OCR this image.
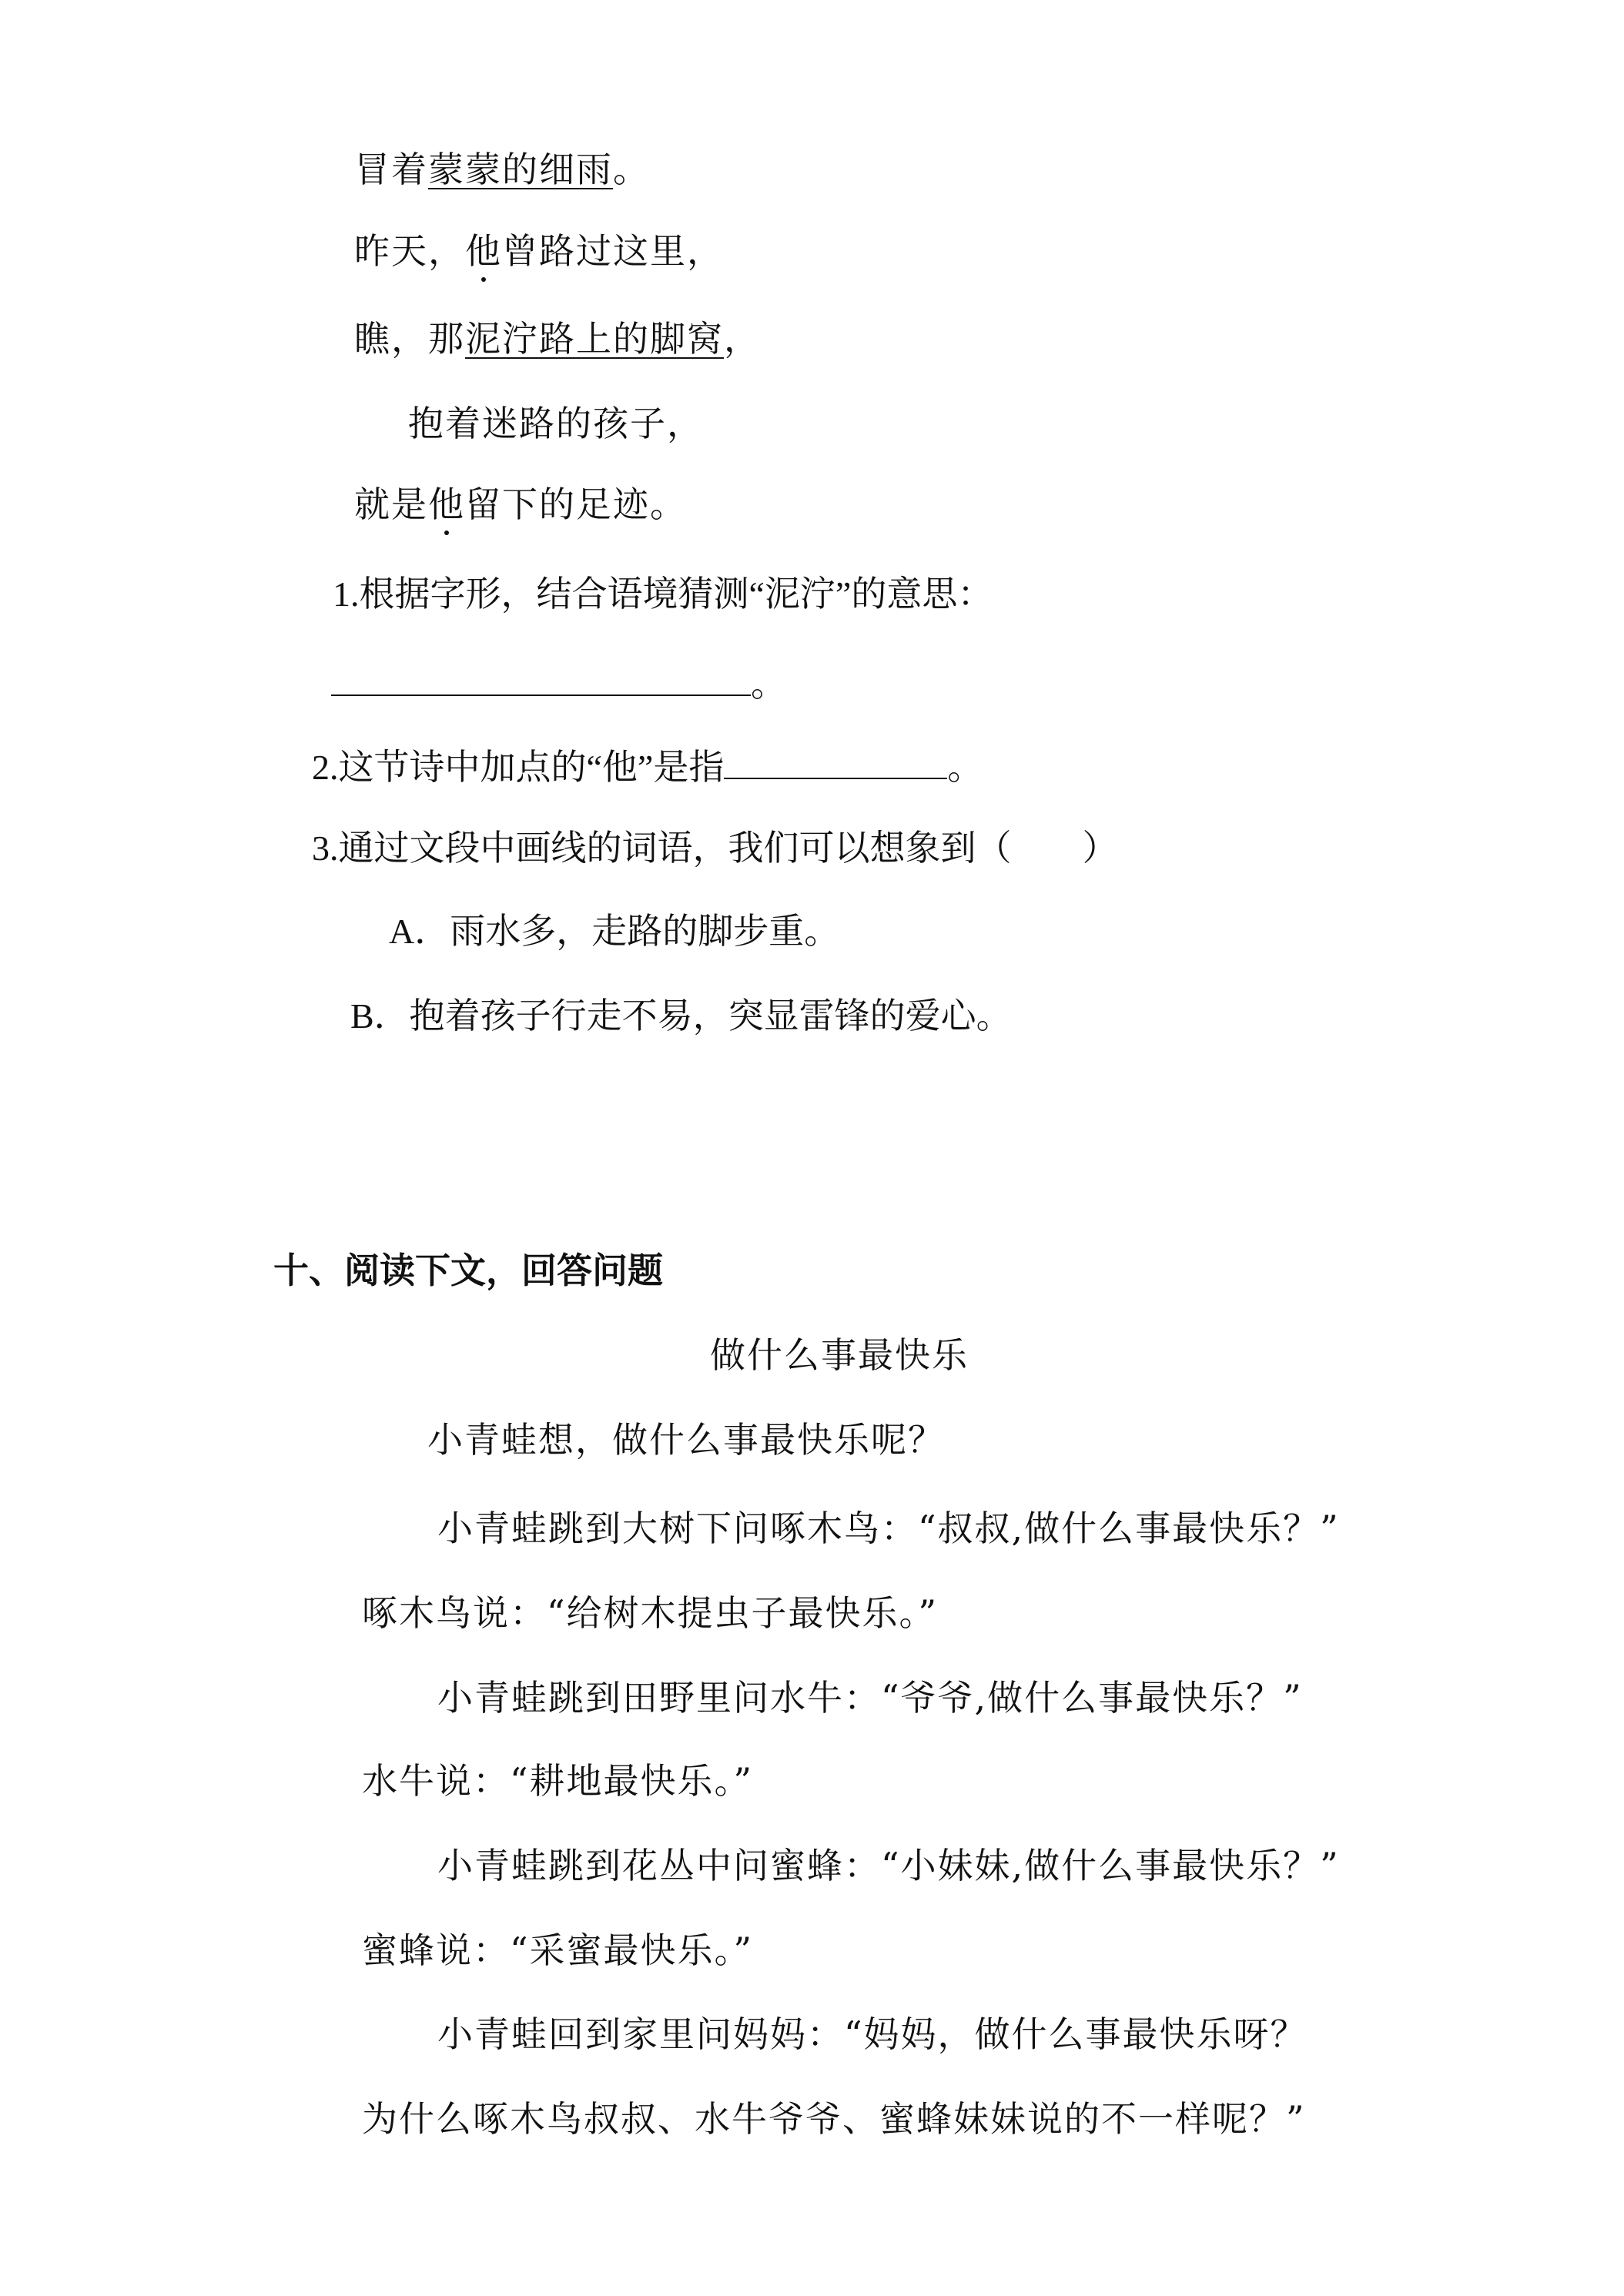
冒着蒙蒙的细雨。
昨天，他曾路过这里，
瞧，那泥泞路上的脚窝，
抱着迷路的孩子，
就是他留下的足迹。
1.根据字形，结合语境猜测“泥泞”的意思：
。
2.这节诗中加点的“他”是指	。
3.通过文段中画线的词语，我们可以想象到（　　）
A．雨水多，走路的脚步重。
B．抱着孩子行走不易，突显雷锋的爱心。
十、阅读下文，回答问题
做什么事最快乐
小青蛙想，做什么事最快乐呢？
小青蛙跳到大树下问啄木鸟：“叔叔,做什么事最快乐？”
啄木鸟说：“给树木提虫子最快乐。”
小青蛙跳到田野里问水牛：“爷爷,做什么事最快乐？”
水牛说：“耕地最快乐。”
小青蛙跳到花丛中问蜜蜂：“小妹妹,做什么事最快乐？”
蜜蜂说：“采蜜最快乐。”
小青蛙回到家里问妈妈：“妈妈，做什么事最快乐呀？
为什么啄木鸟叔叔、水牛爷爷、蜜蜂妹妹说的不一样呢？”
